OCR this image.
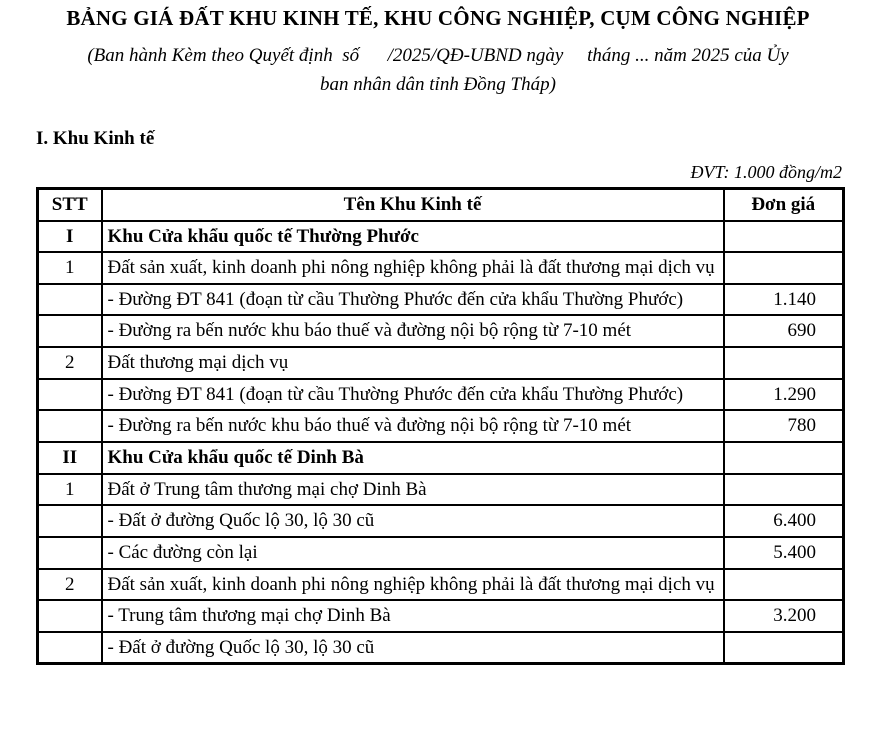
BẢNG GIÁ ĐẤT KHU KINH TẾ, KHU CÔNG NGHIỆP, CỤM CÔNG NGHIỆP
(Ban hành Kèm theo Quyết định  số      /2025/QĐ-UBND ngày     tháng ... năm 2025 của Ủy
ban nhân dân tỉnh Đồng Tháp)
I. Khu Kinh tế
ĐVT: 1.000 đồng/m2
STT	Tên Khu Kinh tế	Đơn giá
I	Khu Cửa khẩu quốc tế Thường Phước	
1	Đất sản xuất, kinh doanh phi nông nghiệp không phải là đất thương mại dịch vụ	
	- Đường ĐT 841 (đoạn từ cầu Thường Phước đến cửa khẩu Thường Phước)	1.140
	- Đường ra bến nước khu báo thuế và đường nội bộ rộng từ 7-10 mét	690
2	Đất thương mại dịch vụ	
	- Đường ĐT 841 (đoạn từ cầu Thường Phước đến cửa khẩu Thường Phước)	1.290
	- Đường ra bến nước khu báo thuế và đường nội bộ rộng từ 7-10 mét	780
II	Khu Cửa khẩu quốc tế Dinh Bà	
1	Đất ở Trung tâm thương mại chợ Dinh Bà	
	- Đất ở đường Quốc lộ 30, lộ 30 cũ	6.400
	- Các đường còn lại	5.400
2	Đất sản xuất, kinh doanh phi nông nghiệp không phải là đất thương mại dịch vụ	
	- Trung tâm thương mại chợ Dinh Bà	3.200
	- Đất ở đường Quốc lộ 30, lộ 30 cũ	
